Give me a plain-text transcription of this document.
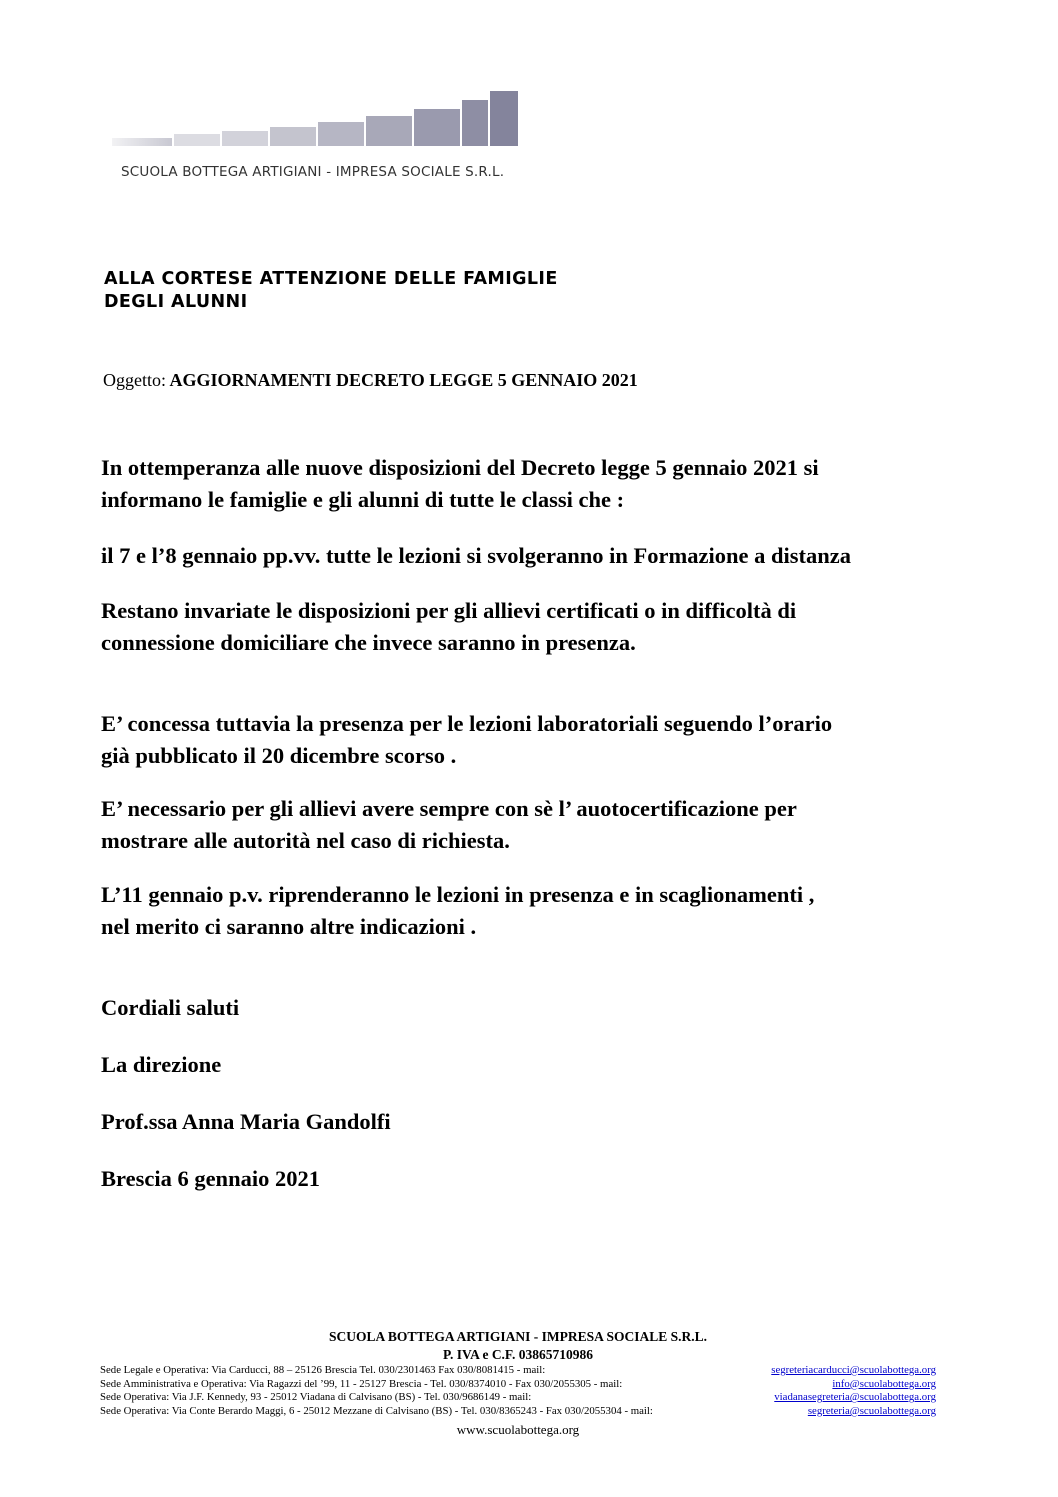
SCUOLA BOTTEGA ARTIGIANI - IMPRESA SOCIALE S.R.L.
ALLA CORTESE ATTENZIONE DELLE FAMIGLIE
DEGLI ALUNNI
Oggetto: AGGIORNAMENTI DECRETO LEGGE 5 GENNAIO 2021
In ottemperanza alle nuove disposizioni del Decreto legge 5 gennaio 2021 si
informano le famiglie e gli alunni di tutte le classi che :
il 7 e l’8 gennaio pp.vv. tutte le lezioni si svolgeranno in Formazione a distanza
Restano invariate le disposizioni per gli allievi certificati o in difficoltà di
connessione domiciliare che invece saranno in presenza.
E’ concessa tuttavia la presenza per le lezioni laboratoriali seguendo l’orario
già pubblicato il 20 dicembre scorso .
E’ necessario per gli allievi avere sempre con sè l’ auotocertificazione per
mostrare alle autorità nel caso di richiesta.
L’11 gennaio p.v. riprenderanno le lezioni in presenza e in scaglionamenti ,
nel merito ci saranno altre indicazioni .
Cordiali saluti
La direzione
Prof.ssa Anna Maria Gandolfi
Brescia 6 gennaio 2021
SCUOLA BOTTEGA ARTIGIANI - IMPRESA SOCIALE S.R.L.
P. IVA e C.F. 03865710986
Sede Legale e Operativa: Via Carducci, 88 – 25126 Brescia Tel. 030/2301463 Fax 030/8081415 - mail:	segreteriacarducci@scuolabottega.org
Sede Amministrativa e Operativa: Via Ragazzi del ’99, 11 - 25127 Brescia - Tel. 030/8374010 - Fax 030/2055305 - mail:	info@scuolabottega.org
Sede Operativa: Via J.F. Kennedy, 93 - 25012 Viadana di Calvisano (BS) - Tel. 030/9686149 - mail:	viadanasegreteria@scuolabottega.org
Sede Operativa: Via Conte Berardo Maggi, 6 - 25012 Mezzane di Calvisano (BS) - Tel. 030/8365243 - Fax 030/2055304 - mail:	segreteria@scuolabottega.org
www.scuolabottega.org
